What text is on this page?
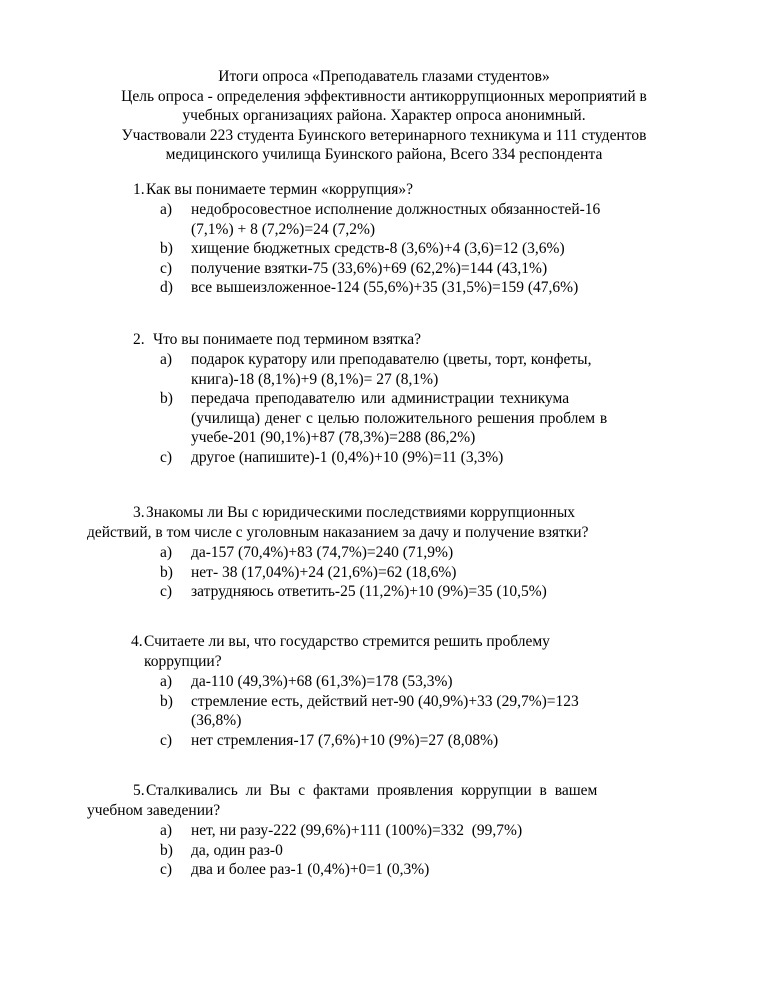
Итоги опроса «Преподаватель глазами студентов»
Цель опроса - определения эффективности антикоррупционных мероприятий в
учебных организациях района. Характер опроса анонимный.
Участвовали 223 студента Буинского ветеринарного техникума и 111 студентов
медицинского училища Буинского района, Всего 334 респондента
1.Как вы понимаете термин «коррупция»?
a) недобросовестное исполнение должностных обязанностей-16
(7,1%) + 8 (7,2%)=24 (7,2%)
b) хищение бюджетных средств-8 (3,6%)+4 (3,6)=12 (3,6%)
c) получение взятки-75 (33,6%)+69 (62,2%)=144 (43,1%)
d) все вышеизложенное-124 (55,6%)+35 (31,5%)=159 (47,6%)
2. Что вы понимаете под термином взятка?
a) подарок куратору или преподавателю (цветы, торт, конфеты,
книга)-18 (8,1%)+9 (8,1%)= 27 (8,1%)
b) передача преподавателю или администрации техникума
(училища) денег с целью положительного решения проблем в
учебе-201 (90,1%)+87 (78,3%)=288 (86,2%)
c) другое (напишите)-1 (0,4%)+10 (9%)=11 (3,3%)
3.Знакомы ли Вы с юридическими последствиями коррупционных
действий, в том числе с уголовным наказанием за дачу и получение взятки?
a) да-157 (70,4%)+83 (74,7%)=240 (71,9%)
b) нет- 38 (17,04%)+24 (21,6%)=62 (18,6%)
c) затрудняюсь ответить-25 (11,2%)+10 (9%)=35 (10,5%)
4.Считаете ли вы, что государство стремится решить проблему
коррупции?
a) да-110 (49,3%)+68 (61,3%)=178 (53,3%)
b) стремление есть, действий нет-90 (40,9%)+33 (29,7%)=123
(36,8%)
c) нет стремления-17 (7,6%)+10 (9%)=27 (8,08%)
5.Сталкивались ли Вы с фактами проявления коррупции в вашем
учебном заведении?
a) нет, ни разу-222 (99,6%)+111 (100%)=332  (99,7%)
b) да, один раз-0
c) два и более раз-1 (0,4%)+0=1 (0,3%)
